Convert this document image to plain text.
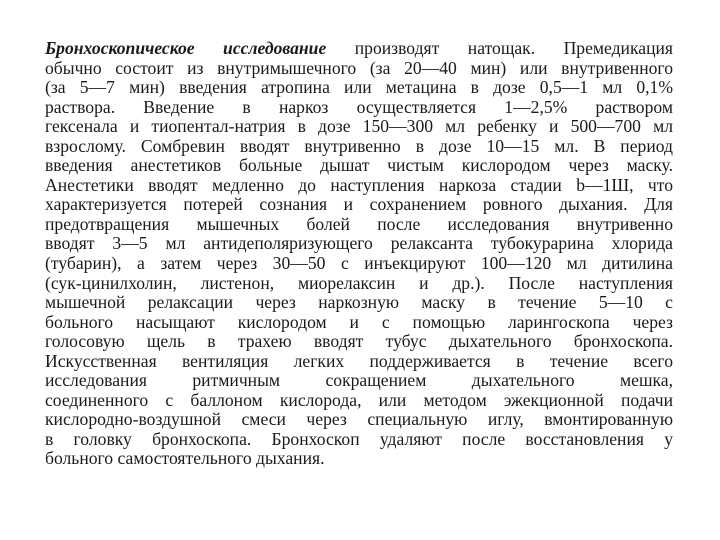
Бронхоскопическое исследование производят натощак. Премедикация
обычно состоит из внутримышечного (за 20—40 мин) или внутривенного
(за 5—7 мин) введения атропина или метацина в дозе 0,5—1 мл 0,1%
раствора. Введение в наркоз осуществляется 1—2,5% раствором
гексенала и тиопентал-натрия в дозе 150—300 мл ребенку и 500—700 мл
взрослому. Сомбревин вводят внутривенно в дозе 10—15 мл. В период
введения анестетиков больные дышат чистым кислородом через маску.
Анестетики вводят медленно до наступления наркоза стадии b—1Ш, что
характеризуется потерей сознания и сохранением ровного дыхания. Для
предотвращения мышечных болей после исследования внутривенно
вводят 3—5 мл антидеполяризующего релаксанта тубокурарина хлорида
(тубарин), а затем через 30—50 с инъекцируют 100—120 мл дитилина
(сук-цинилхолин, листенон, миорелаксин и др.). После наступления
мышечной релаксации через наркозную маску в течение 5—10 с
больного насыщают кислородом и с помощью ларингоскопа через
голосовую щель в трахею вводят тубус дыхательного бронхоскопа.
Искусственная вентиляция легких поддерживается в течение всего
исследования ритмичным сокращением дыхательного мешка,
соединенного с баллоном кислорода, или методом эжекционной подачи
кислородно-воздушной смеси через специальную иглу, вмонтированную
в головку бронхоскопа. Бронхоскоп удаляют после восстановления у
больного самостоятельного дыхания.
